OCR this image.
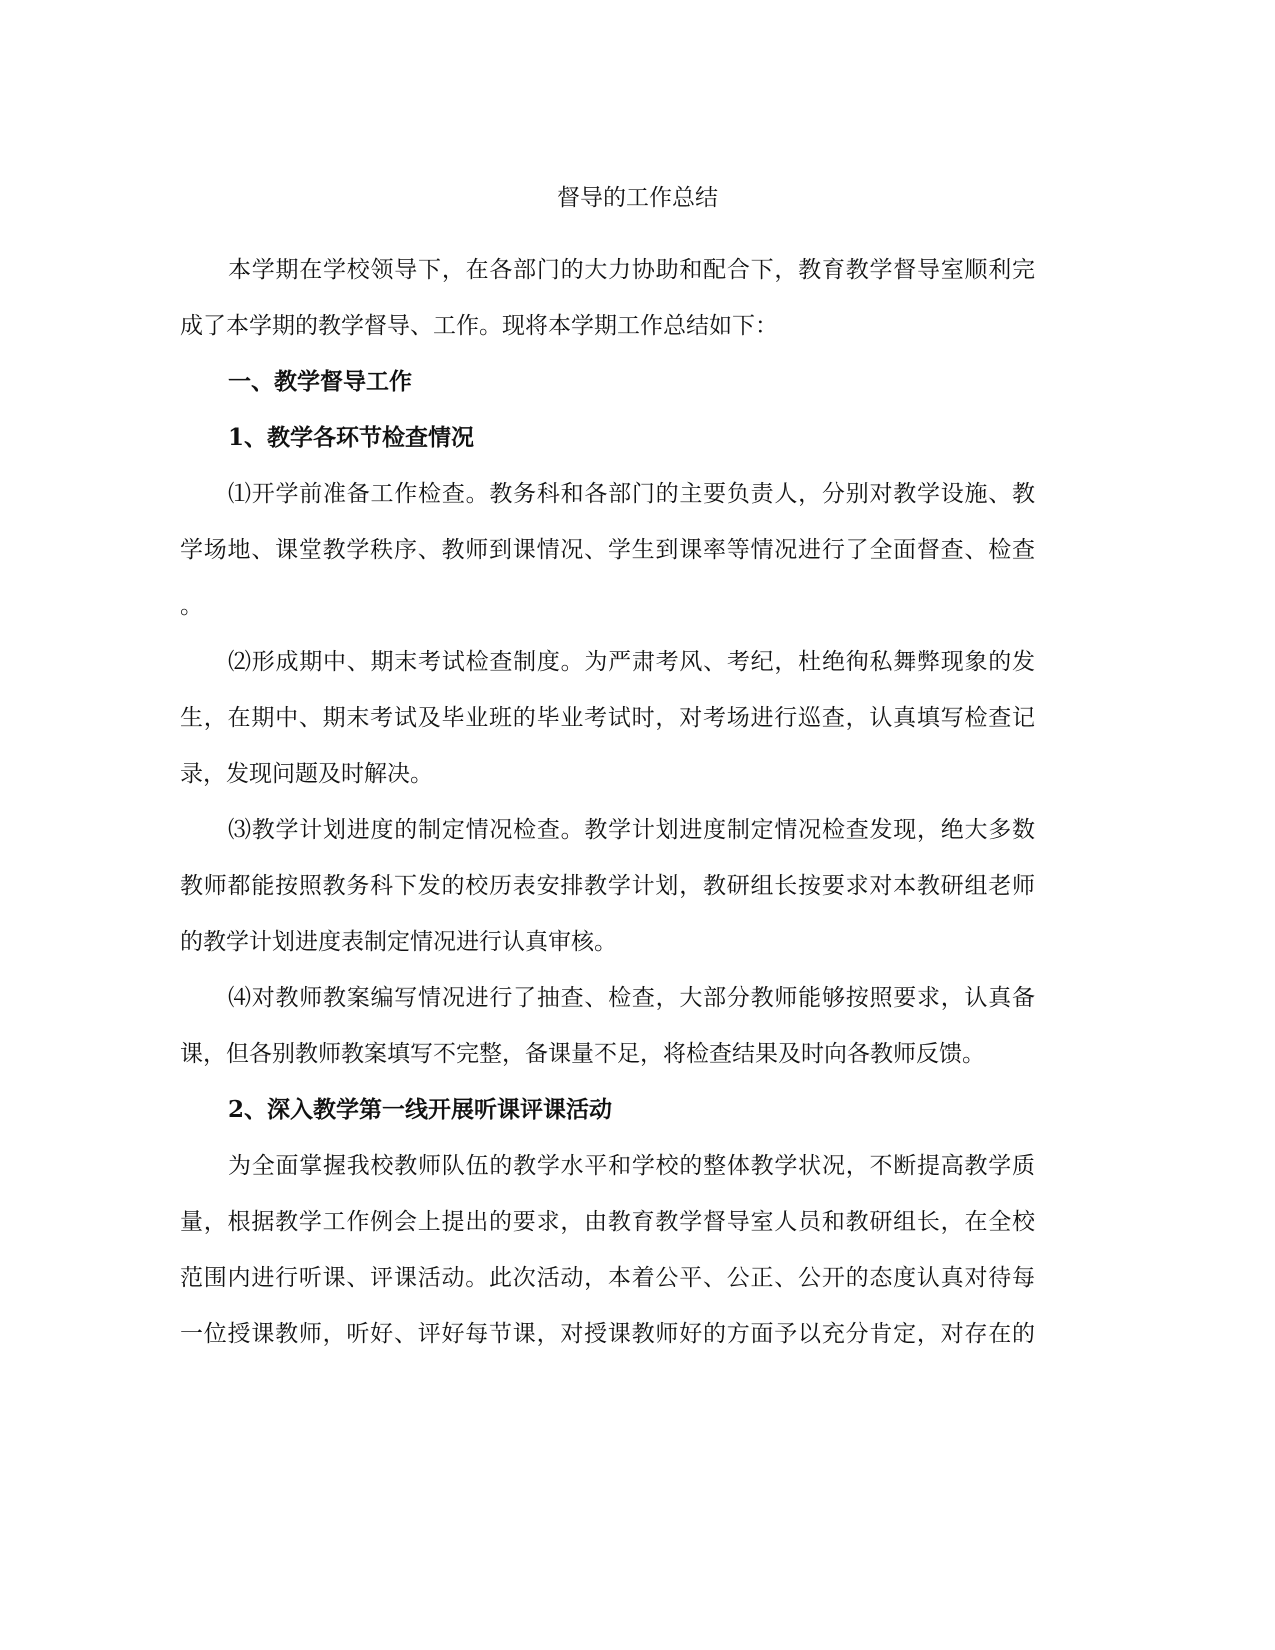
督导的工作总结
本学期在学校领导下，在各部门的大力协助和配合下，教育教学督导室顺利完
成了本学期的教学督导、工作。现将本学期工作总结如下：
一、教学督导工作
1、教学各环节检查情况
⑴开学前准备工作检查。教务科和各部门的主要负责人，分别对教学设施、教
学场地、课堂教学秩序、教师到课情况、学生到课率等情况进行了全面督查、检查
。
⑵形成期中、期末考试检查制度。为严肃考风、考纪，杜绝徇私舞弊现象的发
生，在期中、期末考试及毕业班的毕业考试时，对考场进行巡查，认真填写检查记
录，发现问题及时解决。
⑶教学计划进度的制定情况检查。教学计划进度制定情况检查发现，绝大多数
教师都能按照教务科下发的校历表安排教学计划，教研组长按要求对本教研组老师
的教学计划进度表制定情况进行认真审核。
⑷对教师教案编写情况进行了抽查、检查，大部分教师能够按照要求，认真备
课，但各别教师教案填写不完整，备课量不足，将检查结果及时向各教师反馈。
2、深入教学第一线开展听课评课活动
为全面掌握我校教师队伍的教学水平和学校的整体教学状况，不断提高教学质
量，根据教学工作例会上提出的要求，由教育教学督导室人员和教研组长，在全校
范围内进行听课、评课活动。此次活动，本着公平、公正、公开的态度认真对待每
一位授课教师，听好、评好每节课，对授课教师好的方面予以充分肯定，对存在的
